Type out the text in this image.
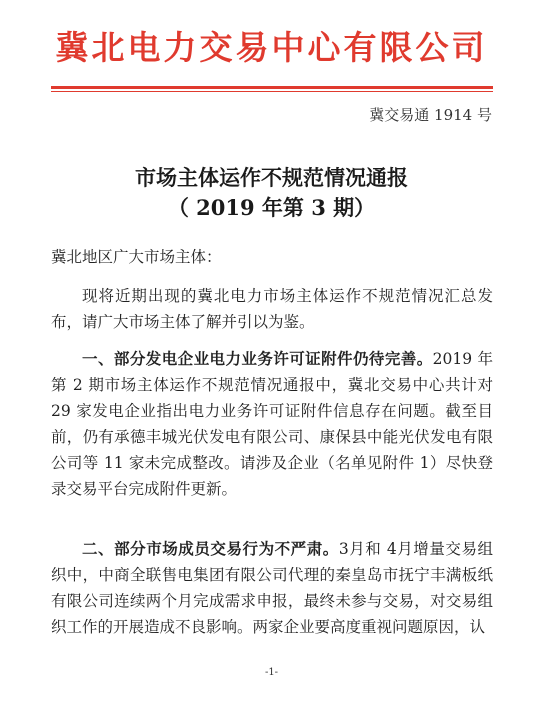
冀北电力交易中心有限公司
冀交易通 1914 号
市场主体运作不规范情况通报
（ 2019 年第 3 期）
冀北地区广大市场主体：
现将近期出现的冀北电力市场主体运作不规范情况汇总发布，请广大市场主体了解并引以为鉴。
一、部分发电企业电力业务许可证附件仍待完善。2019 年第 2 期市场主体运作不规范情况通报中，冀北交易中心共计对 29 家发电企业指出电力业务许可证附件信息存在问题。截至目前，仍有承德丰城光伏发电有限公司、康保县中能光伏发电有限公司等 11 家未完成整改。请涉及企业（名单见附件 1）尽快登录交易平台完成附件更新。
二、部分市场成员交易行为不严肃。3月和 4月增量交易组织中，中商全联售电集团有限公司代理的秦皇岛市抚宁丰满板纸有限公司连续两个月完成需求申报，最终未参与交易，对交易组织工作的开展造成不良影响。两家企业要高度重视问题原因，认
-1-
